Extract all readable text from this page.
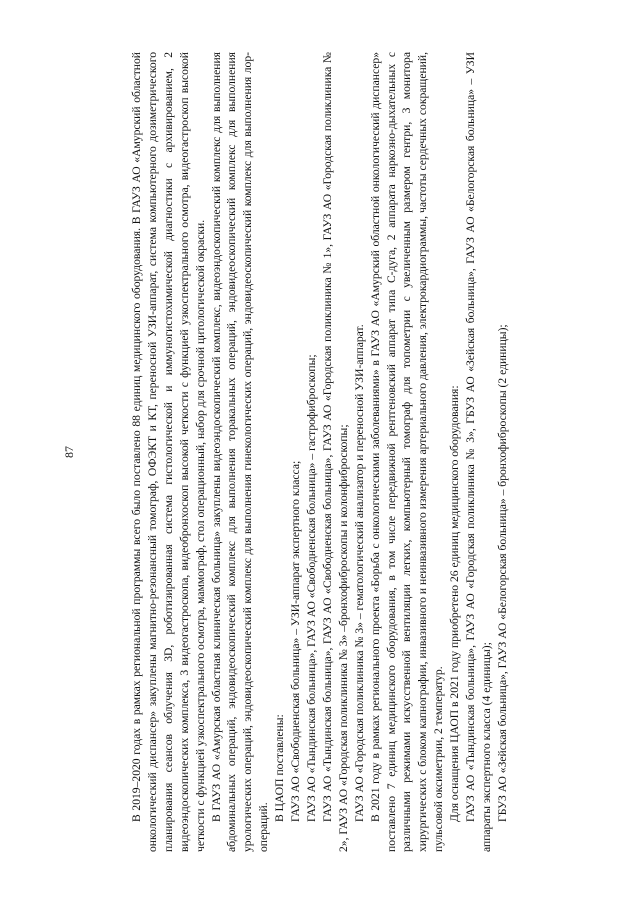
87	В 2019–2020 годах в рамках региональной программы всего было поставлено 88 единиц медицинского оборудования. В ГАУЗ АО «Амурский областной онкологический диспансер» закуплены магнитно-резонансный томограф, ОФЭКТ и КТ, переносной УЗИ-аппарат, система компьютерного дозиметрического планирования сеансов облучения 3D, роботизированная система гистологической и иммуногистохимической диагностики с архивированием, 2 видеоэндоскопических комплекса, 3 видеогастроскопа, видеобронхоскоп высокой четкости с функцией узкоспектрального осмотра, видеогастроскоп высокой четкости с функцией узкоспектрального осмотра, маммограф, стол операционный, набор для срочной цитологической окраски. В ГАУЗ АО «Амурская областная клиническая больница» закуплены видеоэндоскопический комплекс, видеоэндоскопический комплекс для выполнения абдоминальных операций, эндовидеоскопический комплекс для выполнения торакальных операций, эндовидеоскопический комплекс для выполнения урологических операций, эндовидеоскопический комплекс для выполнения гинекологических операций, эндовидеоскопический комплекс для выполнения лор-операций.

В ЦАОП поставлены: ГАУЗ АО «Свободненская больница» – УЗИ-аппарат экспертного класса; ГАУЗ АО «Тындинская больница», ГАУЗ АО «Свободненская больница» – гастрофиброскопы; ГАУЗ АО «Тындинская больница», ГАУЗ АО «Свободненская больница», ГАУЗ АО «Городская поликлиника № 1», ГАУЗ АО «Городская поликлиника № 2», ГАУЗ АО «Городская поликлиника № 3» –бронхофиброскопы и колонфиброскопы; ГАУЗ АО «Городская поликлиника № 3» – гематологический анализатор и переносной УЗИ-аппарат. В 2021 году в рамках регионального проекта «Борьба с онкологическими заболеваниями» в ГАУЗ АО «Амурский областной онкологический диспансер» поставлено 7 единиц медицинского оборудования, в том числе передвижной рентгеновский аппарат типа С-дуга, 2 аппарата наркозно-дыхательных с различными режимами искусственной вентиляции легких, компьютерный томограф для топометрии с увеличенным размером гентри, 3 монитора хирургических с блоком капнографии, инвазивного и неинвазивного измерения артериального давления, электрокардиограммы, частоты сердечных сокращений, пульсовой оксиметрии, 2 температур. Для оснащения ЦАОП в 2021 году приобретено 26 единиц медицинского оборудования: ГАУЗ АО «Тындинская больница», ГАУЗ АО «Городская поликлиника № 3», ГБУЗ АО «Зейская больница», ГАУЗ АО «Белогорская больница» – УЗИ аппараты экспертного класса (4 единицы); ГБУЗ АО «Зейская больница», ГАУЗ АО «Белогорская больница» – бронхофиброскопы (2 единицы);
